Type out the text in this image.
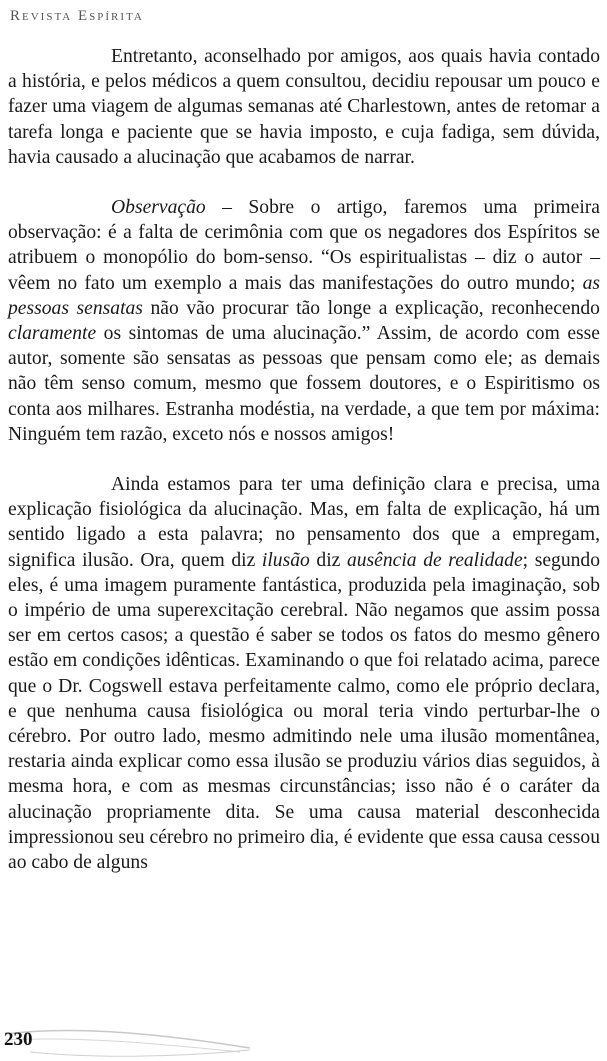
Revista Espírita

Entretanto, aconselhado por amigos, aos quais havia contado a história, e pelos médicos a quem consultou, decidiu repousar um pouco e fazer uma viagem de algumas semanas até Charlestown, antes de retomar a tarefa longa e paciente que se havia imposto, e cuja fadiga, sem dúvida, havia causado a alucinação que acabamos de narrar.

Observação – Sobre o artigo, faremos uma primeira observação: é a falta de cerimônia com que os negadores dos Espíritos se atribuem o monopólio do bom-senso. “Os espiritualistas – diz o autor – vêem no fato um exemplo a mais das manifestações do outro mundo; as pessoas sensatas não vão procurar tão longe a explicação, reconhecendo claramente os sintomas de uma alucinação.” Assim, de acordo com esse autor, somente são sensatas as pessoas que pensam como ele; as demais não têm senso comum, mesmo que fossem doutores, e o Espiritismo os conta aos milhares. Estranha modéstia, na verdade, a que tem por máxima: Ninguém tem razão, exceto nós e nossos amigos!

Ainda estamos para ter uma definição clara e precisa, uma explicação fisiológica da alucinação. Mas, em falta de explicação, há um sentido ligado a esta palavra; no pensamento dos que a empregam, significa ilusão. Ora, quem diz ilusão diz ausência de realidade; segundo eles, é uma imagem puramente fantástica, produzida pela imaginação, sob o império de uma superexcitação cerebral. Não negamos que assim possa ser em certos casos; a questão é saber se todos os fatos do mesmo gênero estão em condições idênticas. Examinando o que foi relatado acima, parece que o Dr. Cogswell estava perfeitamente calmo, como ele próprio declara, e que nenhuma causa fisiológica ou moral teria vindo perturbar-lhe o cérebro. Por outro lado, mesmo admitindo nele uma ilusão momentânea, restaria ainda explicar como essa ilusão se produziu vários dias seguidos, à mesma hora, e com as mesmas circunstâncias; isso não é o caráter da alucinação propriamente dita. Se uma causa material desconhecida impressionou seu cérebro no primeiro dia, é evidente que essa causa cessou ao cabo de alguns

230
